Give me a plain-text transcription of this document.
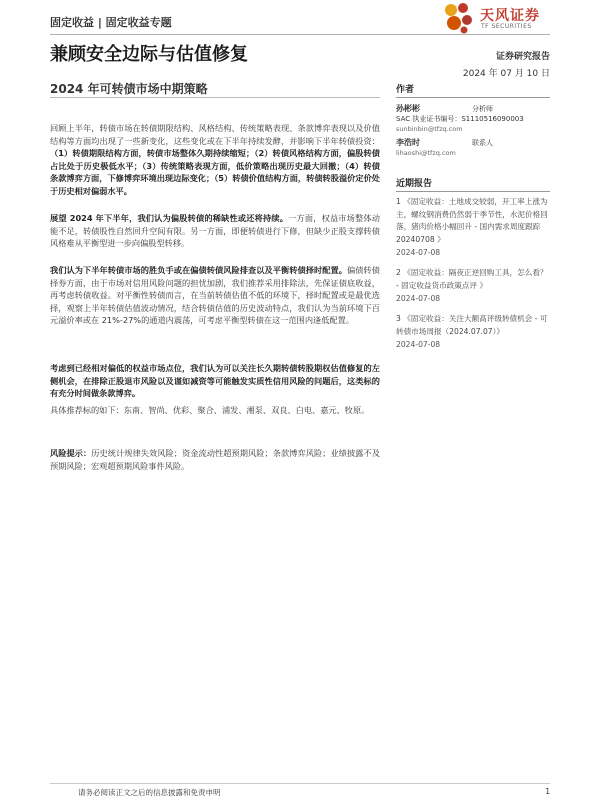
固定收益 | 固定收益专题	天风证券
TF SECURITIES
兼顾安全边际与估值修复	证券研究报告
2024 年 07 月 10 日
2024 年可转债市场中期策略
回顾上半年，转债市场在转债期限结构、风格结构、传统策略表现、条款博弈表现以及价值结构等方面均出现了一些新变化，这些变化或在下半年持续发酵，并影响下半年转债投资：（1）转债期限结构方面，转债市场整体久期持续缩短；（2）转债风格结构方面，偏股转债占比处于历史极低水平；（3）传统策略表现方面，低价策略出现历史最大回撤；（4）转债条款博弈方面，下修博弈环境出现边际变化；（5）转债价值结构方面，转债转股溢价定价处于历史相对偏弱水平。
展望 2024 年下半年，我们认为偏股转债的稀缺性或还将持续。一方面，权益市场整体动能不足，转债股性自然回升空间有限。另一方面，即便转债进行下修，但缺少正股支撑转债风格难从平衡型进一步向偏股型转移。
我们认为下半年转债市场的胜负手或在偏债转债风险排查以及平衡转债择时配置。偏债转债择券方面，由于市场对信用风险问题的担忧加剧，我们推荐采用排除法，先保证债底收益，再考虑转债收益。对平衡性转债而言，在当前转债估值不低的环境下，择时配置或是最优选择，观察上半年转债估值波动情况，结合转债估值的历史波动特点，我们认为当前环境下百元溢价率或在 21%-27%的通道内震荡，可考虑平衡型转债在这一范围内逢低配置。
考虑到已经相对偏低的权益市场点位，我们认为可以关注长久期转债转股期权估值修复的左侧机会，在排除正股退市风险以及谨如减资等可能触发实质性信用风险的问题后，这类标的有充分时间做条款博弈。
具体推荐标的如下：东南、智尚、优彩、聚合、浦发、湘泵、双良、白电、嘉元、牧原。
风险提示：历史统计规律失效风险；资金流动性超预期风险；条款博弈风险；业绩披露不及预期风险；宏观超预期风险事件风险。
作者
孙彬彬	分析师
SAC 执业证书编号：S1110516090003
sunbinbin@tfzq.com
李浩时	联系人
lihaoshi@tfzq.com
近期报告
1 《固定收益：土地成交较弱，开工率上涨为主，螺纹钢消费仍然弱于季节性，水泥价格回落，猪肉价格小幅回升 - 国内需求周度跟踪 20240708 》
2024-07-08
2 《固定收益：隔夜正逆回购工具，怎么看？ - 固定收益货币政策点评 》
2024-07-08
3 《固定收益：关注大额高评级转债机会 - 可转债市场周报（2024.07.07）》
2024-07-08
请务必阅读正文之后的信息披露和免责申明	1
